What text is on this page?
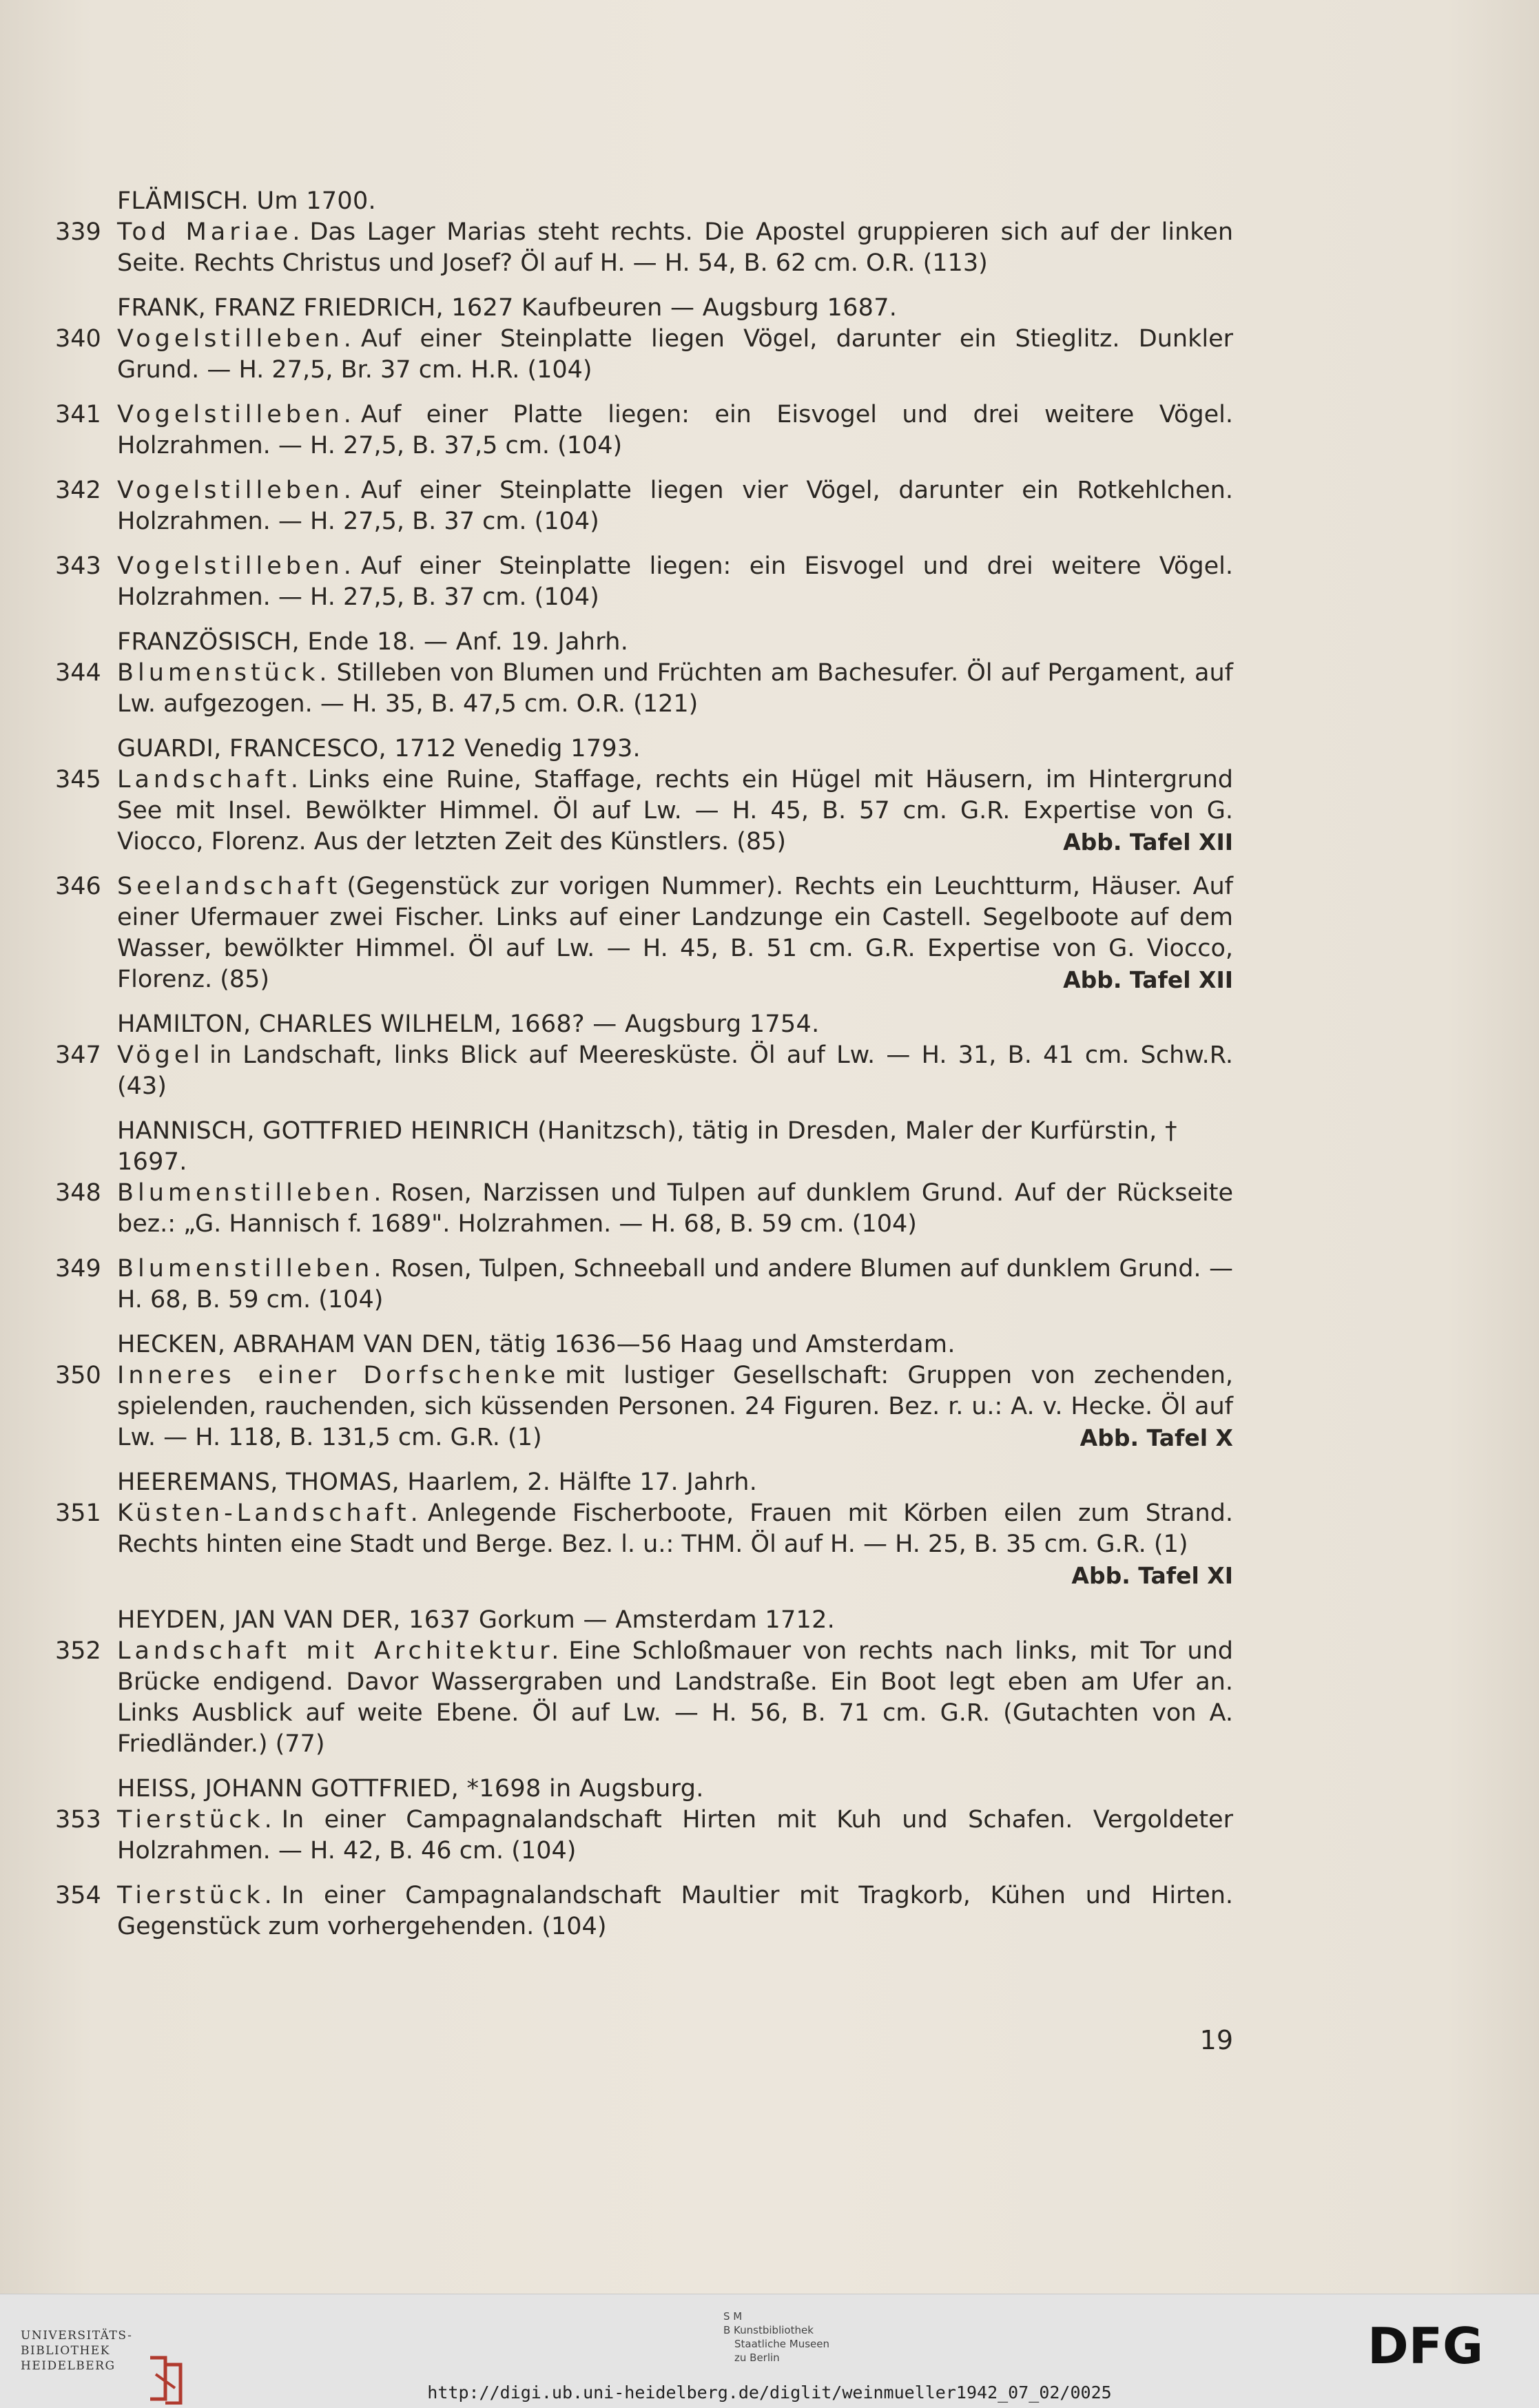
FLÄMISCH. Um 1700.
339 Tod Mariae. Das Lager Marias steht rechts. Die Apostel gruppieren sich auf der linken Seite. Rechts Christus und Josef? Öl auf H. — H. 54, B. 62 cm. O.R. (113)
FRANK, FRANZ FRIEDRICH, 1627 Kaufbeuren — Augsburg 1687.
340 Vogelstilleben. Auf einer Steinplatte liegen Vögel, darunter ein Stieglitz. Dunkler Grund. — H. 27,5, Br. 37 cm. H.R. (104)
341 Vogelstilleben. Auf einer Platte liegen: ein Eisvogel und drei weitere Vögel. Holzrahmen. — H. 27,5, B. 37,5 cm. (104)
342 Vogelstilleben. Auf einer Steinplatte liegen vier Vögel, darunter ein Rotkehlchen. Holzrahmen. — H. 27,5, B. 37 cm. (104)
343 Vogelstilleben. Auf einer Steinplatte liegen: ein Eisvogel und drei weitere Vögel. Holzrahmen. — H. 27,5, B. 37 cm. (104)
FRANZÖSISCH, Ende 18. — Anf. 19. Jahrh.
344 Blumenstück. Stilleben von Blumen und Früchten am Bachesufer. Öl auf Pergament, auf Lw. aufgezogen. — H. 35, B. 47,5 cm. O.R. (121)
GUARDI, FRANCESCO, 1712 Venedig 1793.
345 Landschaft. Links eine Ruine, Staffage, rechts ein Hügel mit Häusern, im Hintergrund See mit Insel. Bewölkter Himmel. Öl auf Lw. — H. 45, B. 57 cm. G.R. Expertise von G. Viocco, Florenz. Aus der letzten Zeit des Künstlers. (85)	Abb. Tafel XII
346 Seelandschaft (Gegenstück zur vorigen Nummer). Rechts ein Leuchtturm, Häuser. Auf einer Ufermauer zwei Fischer. Links auf einer Landzunge ein Castell. Segelboote auf dem Wasser, bewölkter Himmel. Öl auf Lw. — H. 45, B. 51 cm. G.R. Expertise von G. Viocco, Florenz. (85)	Abb. Tafel XII
HAMILTON, CHARLES WILHELM, 1668? — Augsburg 1754.
347 Vögel in Landschaft, links Blick auf Meeresküste. Öl auf Lw. — H. 31, B. 41 cm. Schw.R. (43)
HANNISCH, GOTTFRIED HEINRICH (Hanitzsch), tätig in Dresden, Maler der Kurfürstin, † 1697.
348 Blumenstilleben. Rosen, Narzissen und Tulpen auf dunklem Grund. Auf der Rückseite bez.: „G. Hannisch f. 1689". Holzrahmen. — H. 68, B. 59 cm. (104)
349 Blumenstilleben. Rosen, Tulpen, Schneeball und andere Blumen auf dunklem Grund. — H. 68, B. 59 cm. (104)
HECKEN, ABRAHAM VAN DEN, tätig 1636—56 Haag und Amsterdam.
350 Inneres einer Dorfschenke mit lustiger Gesellschaft: Gruppen von zechenden, spielenden, rauchenden, sich küssenden Personen. 24 Figuren. Bez. r. u.: A. v. Hecke. Öl auf Lw. — H. 118, B. 131,5 cm. G.R. (1)	Abb. Tafel X
HEEREMANS, THOMAS, Haarlem, 2. Hälfte 17. Jahrh.
351 Küsten-Landschaft. Anlegende Fischerboote, Frauen mit Körben eilen zum Strand. Rechts hinten eine Stadt und Berge. Bez. l. u.: THM. Öl auf H. — H. 25, B. 35 cm. G.R. (1)
Abb. Tafel XI
HEYDEN, JAN VAN DER, 1637 Gorkum — Amsterdam 1712.
352 Landschaft mit Architektur. Eine Schloßmauer von rechts nach links, mit Tor und Brücke endigend. Davor Wassergraben und Landstraße. Ein Boot legt eben am Ufer an. Links Ausblick auf weite Ebene. Öl auf Lw. — H. 56, B. 71 cm. G.R. (Gutachten von A. Friedländer.) (77)
HEISS, JOHANN GOTTFRIED, *1698 in Augsburg.
353 Tierstück. In einer Campagnalandschaft Hirten mit Kuh und Schafen. Vergoldeter Holzrahmen. — H. 42, B. 46 cm. (104)
354 Tierstück. In einer Campagnalandschaft Maultier mit Tragkorb, Kühen und Hirten. Gegenstück zum vorhergehenden. (104)
19
UNIVERSITÄTS-
BIBLIOTHEK
HEIDELBERG
S M
B Kunstbibliothek
Staatliche Museen
zu Berlin	DFG
http://digi.ub.uni-heidelberg.de/diglit/weinmueller1942_07_02/0025
